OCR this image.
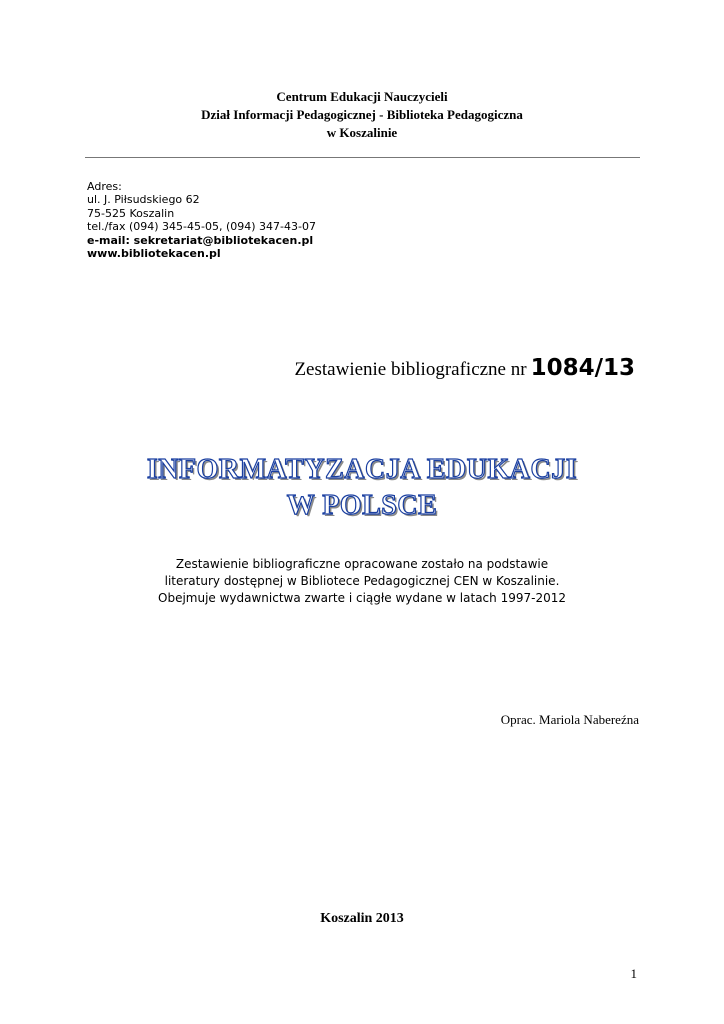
Centrum Edukacji Nauczycieli
Dział Informacji Pedagogicznej - Biblioteka Pedagogiczna
w Koszalinie
Adres:
ul. J. Piłsudskiego 62
75-525 Koszalin
tel./fax (094) 345-45-05, (094) 347-43-07
e-mail: sekretariat@bibliotekacen.pl
www.bibliotekacen.pl
Zestawienie bibliograficzne nr 1084/13
INFORMATYZACJA EDUKACJI
W POLSCE
Zestawienie bibliograficzne opracowane zostało na podstawie
literatury dostępnej w Bibliotece Pedagogicznej CEN w Koszalinie.
Obejmuje wydawnictwa zwarte i ciągłe wydane w latach 1997-2012
Oprac. Mariola Nabereźna
Koszalin 2013
1
